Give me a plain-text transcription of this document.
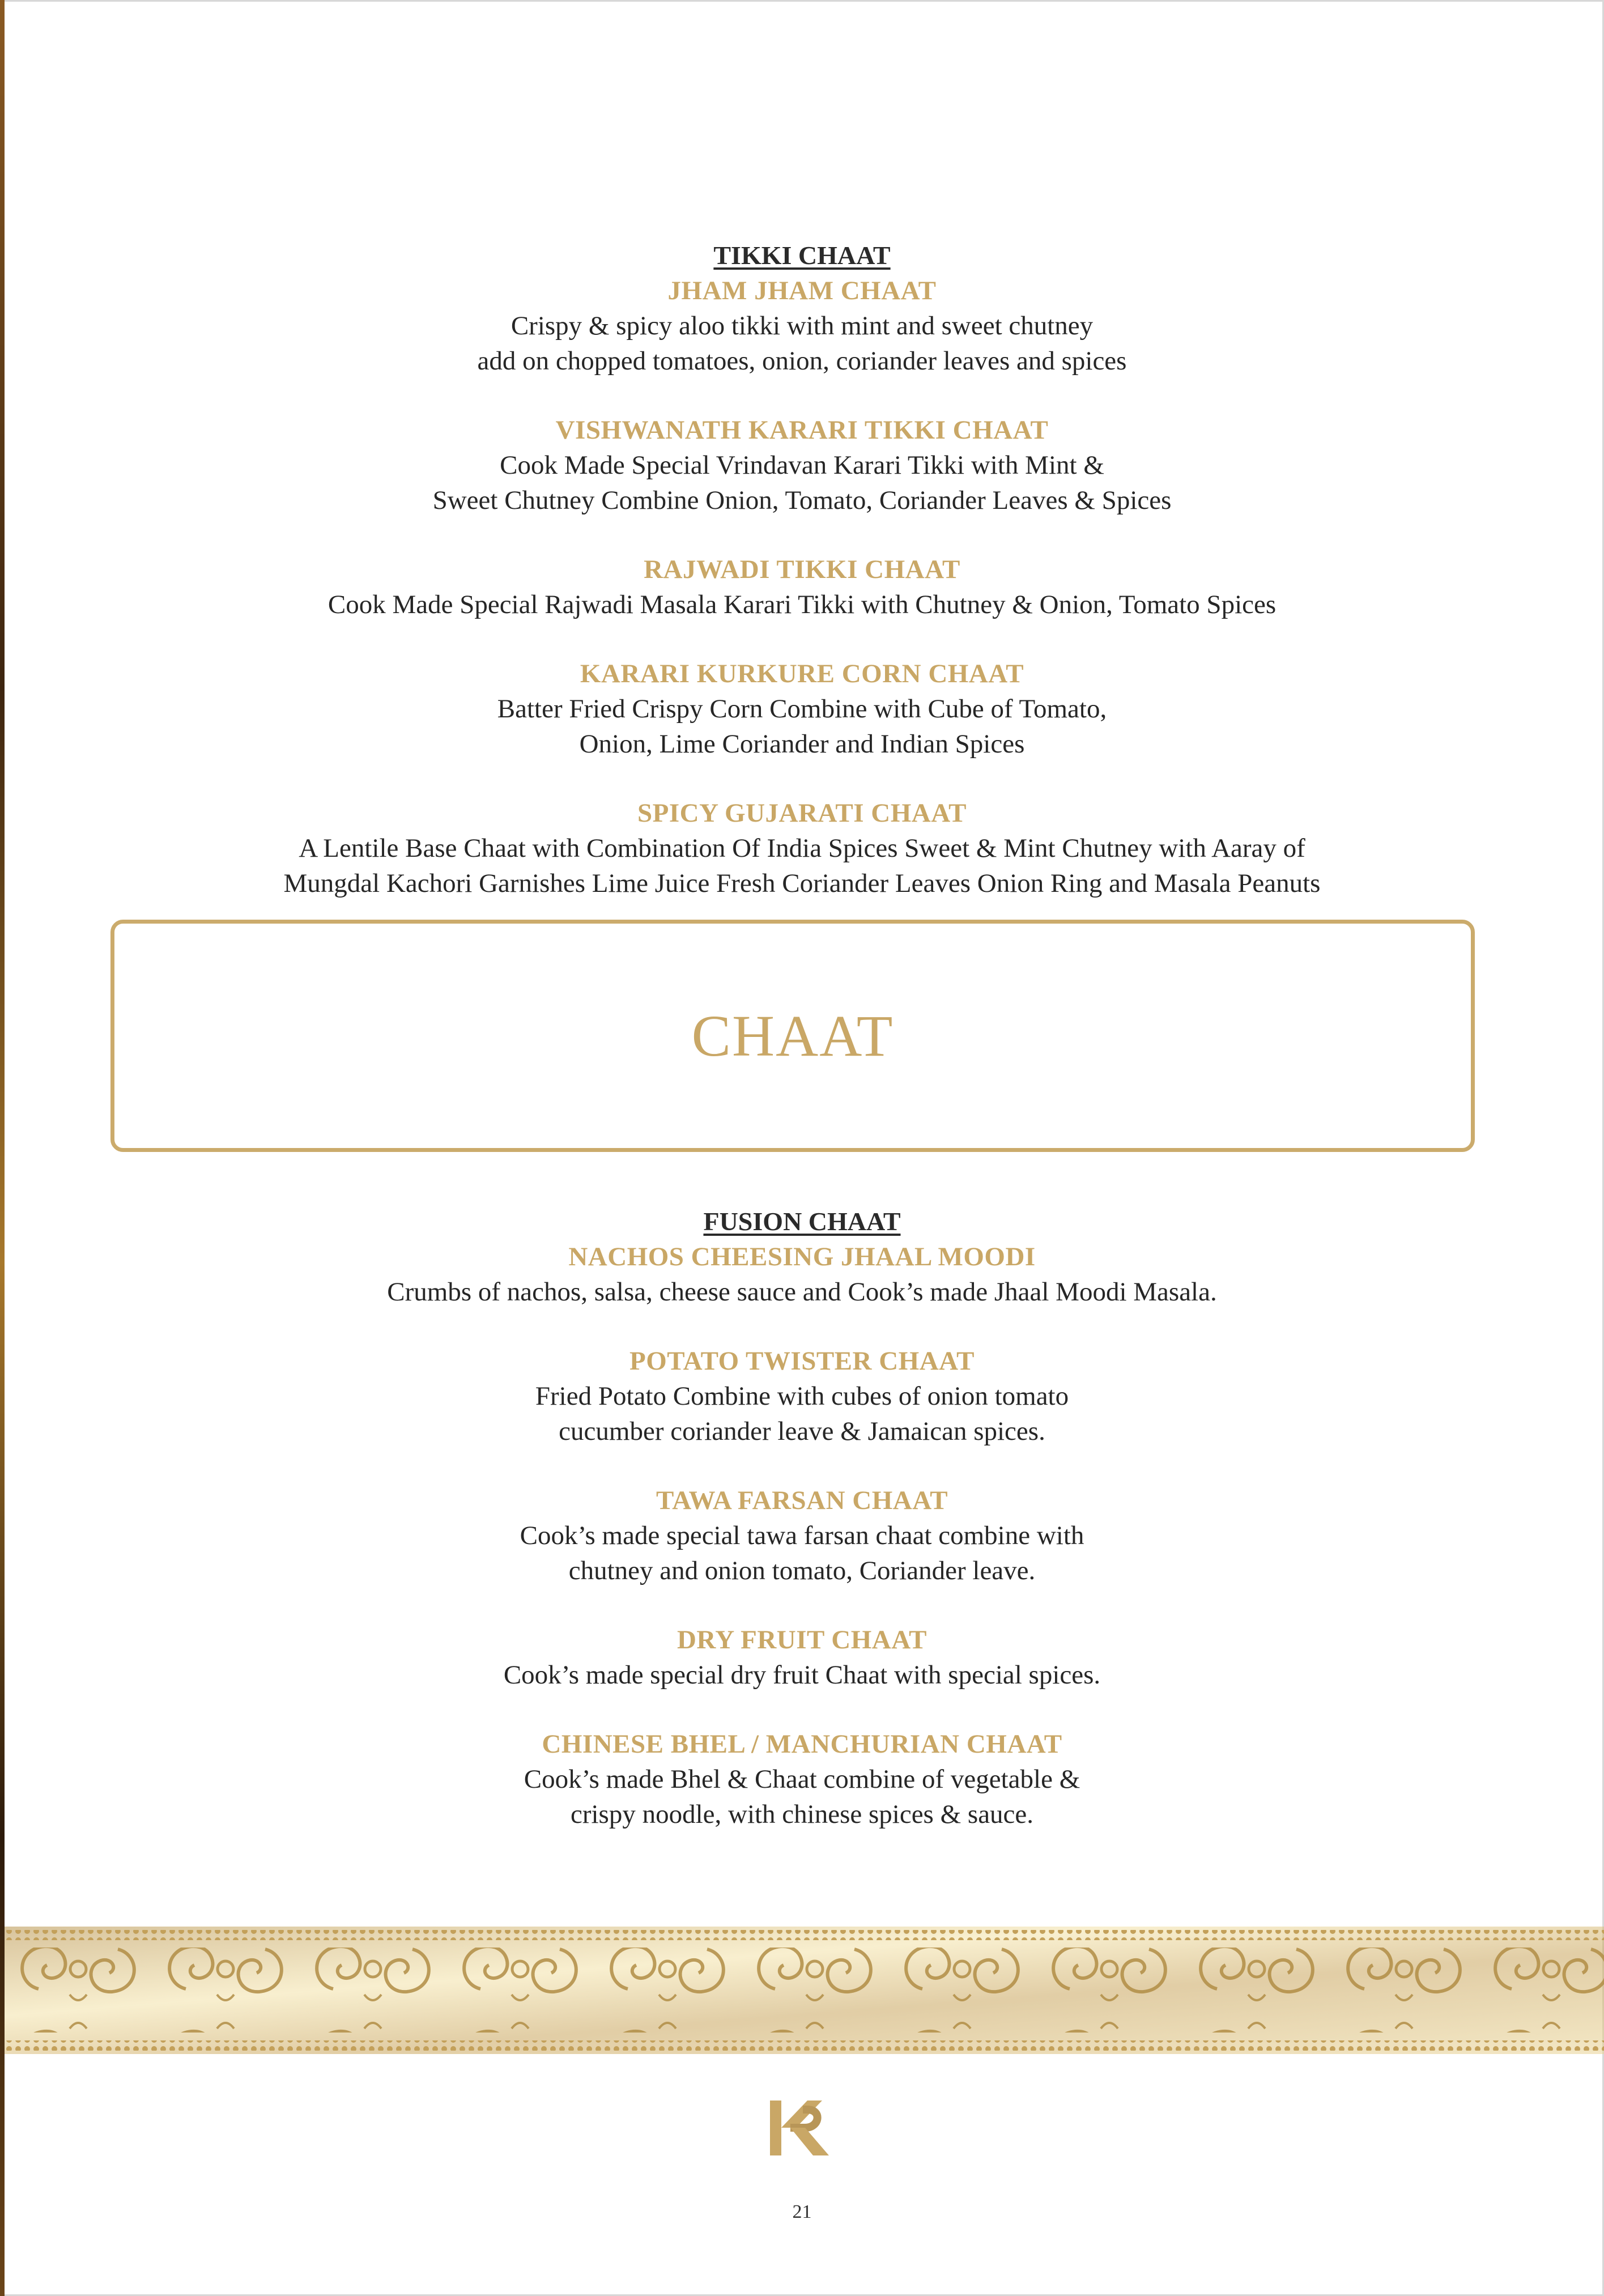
TIKKI CHAAT
JHAM JHAM CHAAT
Crispy & spicy aloo tikki with mint and sweet chutney
add on chopped tomatoes, onion, coriander leaves and spices
VISHWANATH KARARI TIKKI CHAAT
Cook Made Special Vrindavan Karari Tikki with Mint &
Sweet Chutney Combine Onion, Tomato, Coriander Leaves & Spices
RAJWADI TIKKI CHAAT
Cook Made Special Rajwadi Masala Karari Tikki with Chutney & Onion, Tomato Spices
KARARI KURKURE CORN CHAAT
Batter Fried Crispy Corn Combine with Cube of Tomato,
Onion, Lime Coriander and Indian Spices
SPICY GUJARATI CHAAT
A Lentile Base Chaat with Combination Of India Spices Sweet & Mint Chutney with Aaray of
Mungdal Kachori Garnishes Lime Juice Fresh Coriander Leaves Onion Ring and Masala Peanuts
CHAAT
FUSION CHAAT
NACHOS CHEESING JHAAL MOODI
Crumbs of nachos, salsa, cheese sauce and Cook’s made Jhaal Moodi Masala.
POTATO TWISTER CHAAT
Fried Potato Combine with cubes of onion tomato
cucumber coriander leave & Jamaican spices.
TAWA FARSAN CHAAT
Cook’s made special tawa farsan chaat combine with
chutney and onion tomato, Coriander leave.
DRY FRUIT CHAAT
Cook’s made special dry fruit Chaat with special spices.
CHINESE BHEL / MANCHURIAN CHAAT
Cook’s made Bhel & Chaat combine of vegetable &
crispy noodle, with chinese spices & sauce.
21
